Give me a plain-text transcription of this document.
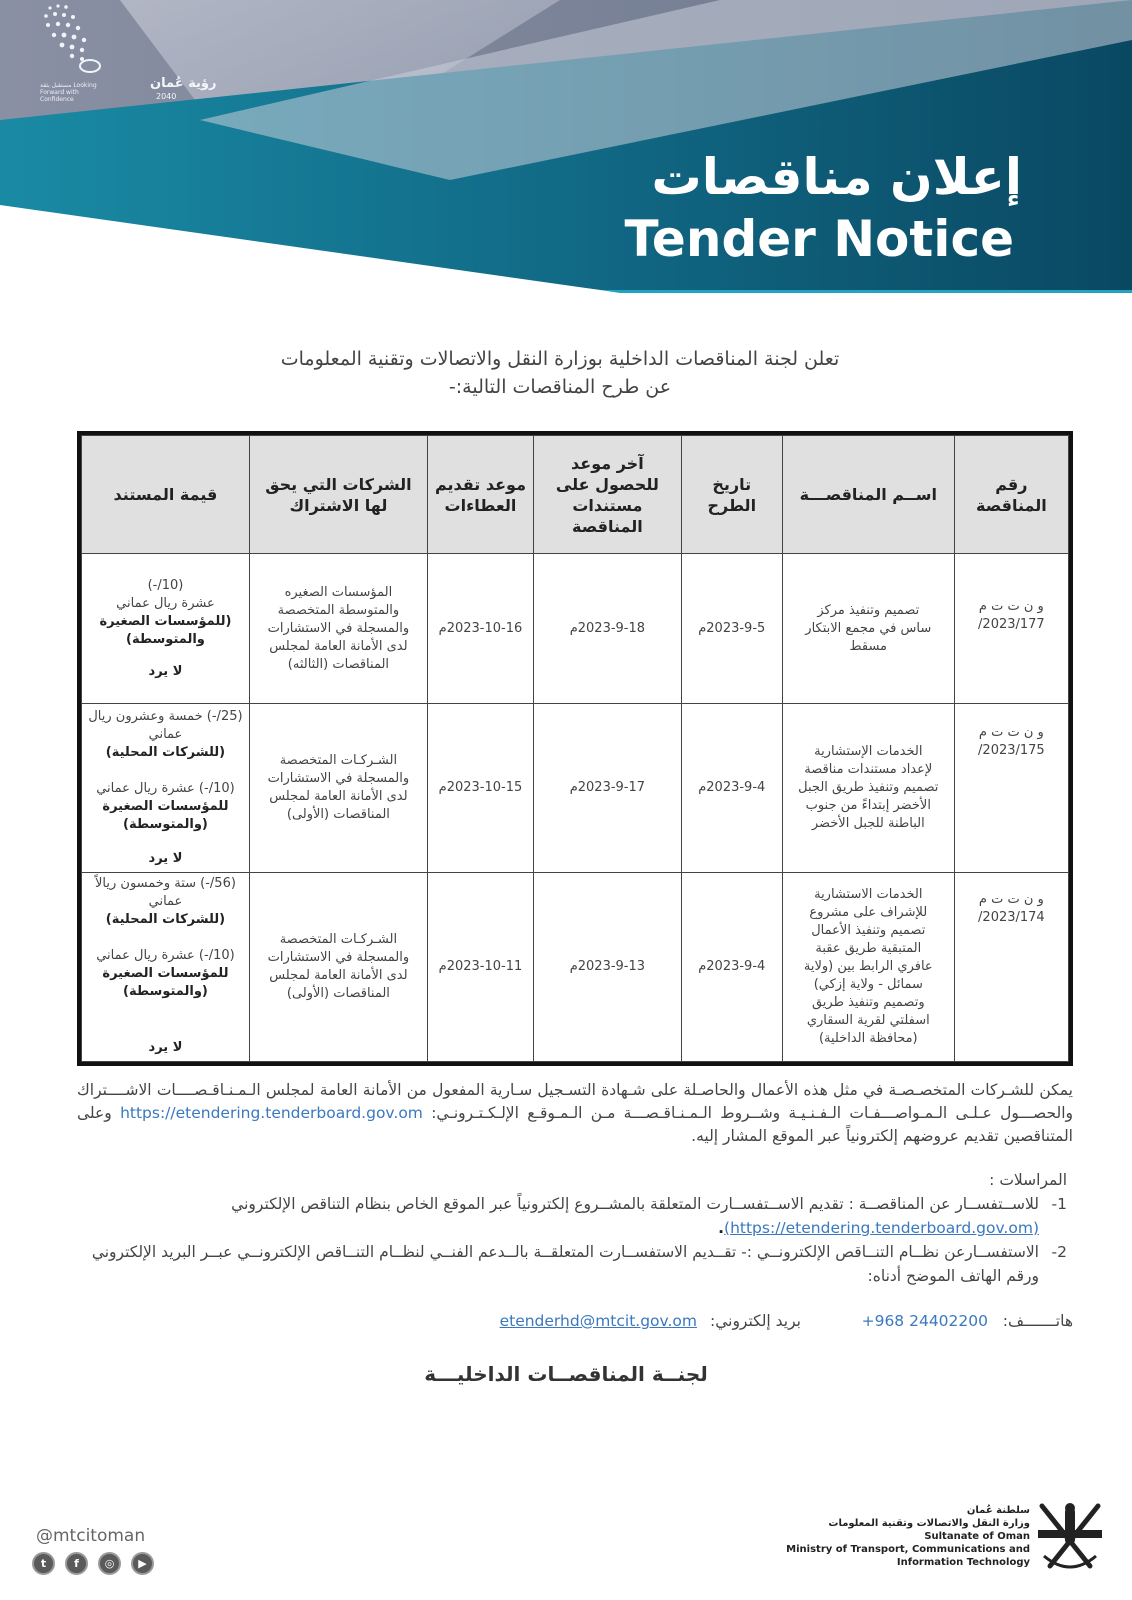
رؤية عُمان
2040
مستقبل بثقة Looking Forward with Confidence
إعلان مناقصات
Tender Notice
تعلن لجنة المناقصات الداخلية بوزارة النقل والاتصالات وتقنية المعلومات
عن طرح المناقصات التالية:-
رقم المناقصة	اســم المناقصـــة	تاريخ الطرح	آخر موعد للحصول على مستندات المناقصة	موعد تقديم العطاءات	الشركات التي يحق لها الاشتراك	قيمة المستند
و ن ت ت م 2023/177/	تصميم وتنفيذ مركز ساس في مجمع الابتكار مسقط	2023-9-5م	2023-9-18م	2023-10-16م	المؤسسات الصغيره والمتوسطة المتخصصة والمسجلة في الاستشارات لدى الأمانة العامة لمجلس المناقصات (الثالثه)	(10/-)
عشرة ريال عماني
(للمؤسسات الصغيرة والمتوسطة)
لا يرد

و ن ت ت م 2023/175/	الخدمات الإستشارية لإعداد مستندات مناقصة تصميم وتنفيذ طريق الجبل الأخضر إبتداءً من جنوب الباطنة للجبل الأخضر	2023-9-4م	2023-9-17م	2023-10-15م	الشـركـات المتخصصة والمسجلة في الاستشارات لدى الأمانة العامة لمجلس المناقصات (الأولى)	(25/-) خمسة وعشرون ريال عماني
(للشركات المحلية)
(10/-) عشرة ريال عماني
للمؤسسات الصغيرة (والمتوسطة)
لا يرد

و ن ت ت م 2023/174/	الخدمات الاستشارية للإشراف على مشروع تصميم وتنفيذ الأعمال المتبقية طريق عقبة عافري الرابط بين (ولاية سمائل - ولاية إزكي) وتصميم وتنفيذ طريق اسفلتي لقرية السقاري (محافظة الداخلية)	2023-9-4م	2023-9-13م	2023-10-11م	الشـركـات المتخصصة والمسجلة في الاستشارات لدى الأمانة العامة لمجلس المناقصات (الأولى)	(56/-) ستة وخمسون ريالاً عماني
(للشركات المحلية)
(10/-) عشرة ريال عماني
للمؤسسات الصغيرة (والمتوسطة)
لا يرد
يمكن للشـركات المتخصـصـة في مثل هذه الأعمال والحاصـلة على شـهادة التسـجيل سـارية المفعول من الأمانة العامة لمجلس الـمـنـاقـصــــات الاشــــتراك والحصـــول عـلـى الـمـواصـــفـات الـفـنـيـة وشــروط الـمـنـاقـصـــة مـن الـمـوقـع الإلـكـتـرونـي: https://etendering.tenderboard.gov.om وعلى المتناقصين تقديم عروضهم إلكترونياً عبر الموقع المشار إليه.
المراسلات :
1-
للاســتفســار عن المناقصــة : تقديم الاســتفســارت المتعلقة بالمشــروع إلكترونياً عبر الموقع الخاص بنظام التناقص الإلكتروني (https://etendering.tenderboard.gov.om).
2-
الاستفســارعن نظــام التنــاقص الإلكترونــي :- تقــديم الاستفســارت المتعلقــة بالــدعم الفنــي لنظــام التنــاقص الإلكترونــي عبــر البريد الإلكتروني ورقم الهاتف الموضح أدناه:
هاتـــــــف:
+968 24402200
بريد إلكتروني:
etenderhd@mtcit.gov.om
لجنــة المناقصــات الداخليـــة
@mtcitoman
t	f	◎	▶
سلطنة عُمان
وزارة النقل والاتصالات وتقنية المعلومات
Sultanate of Oman
Ministry of Transport, Communications and
Information Technology
